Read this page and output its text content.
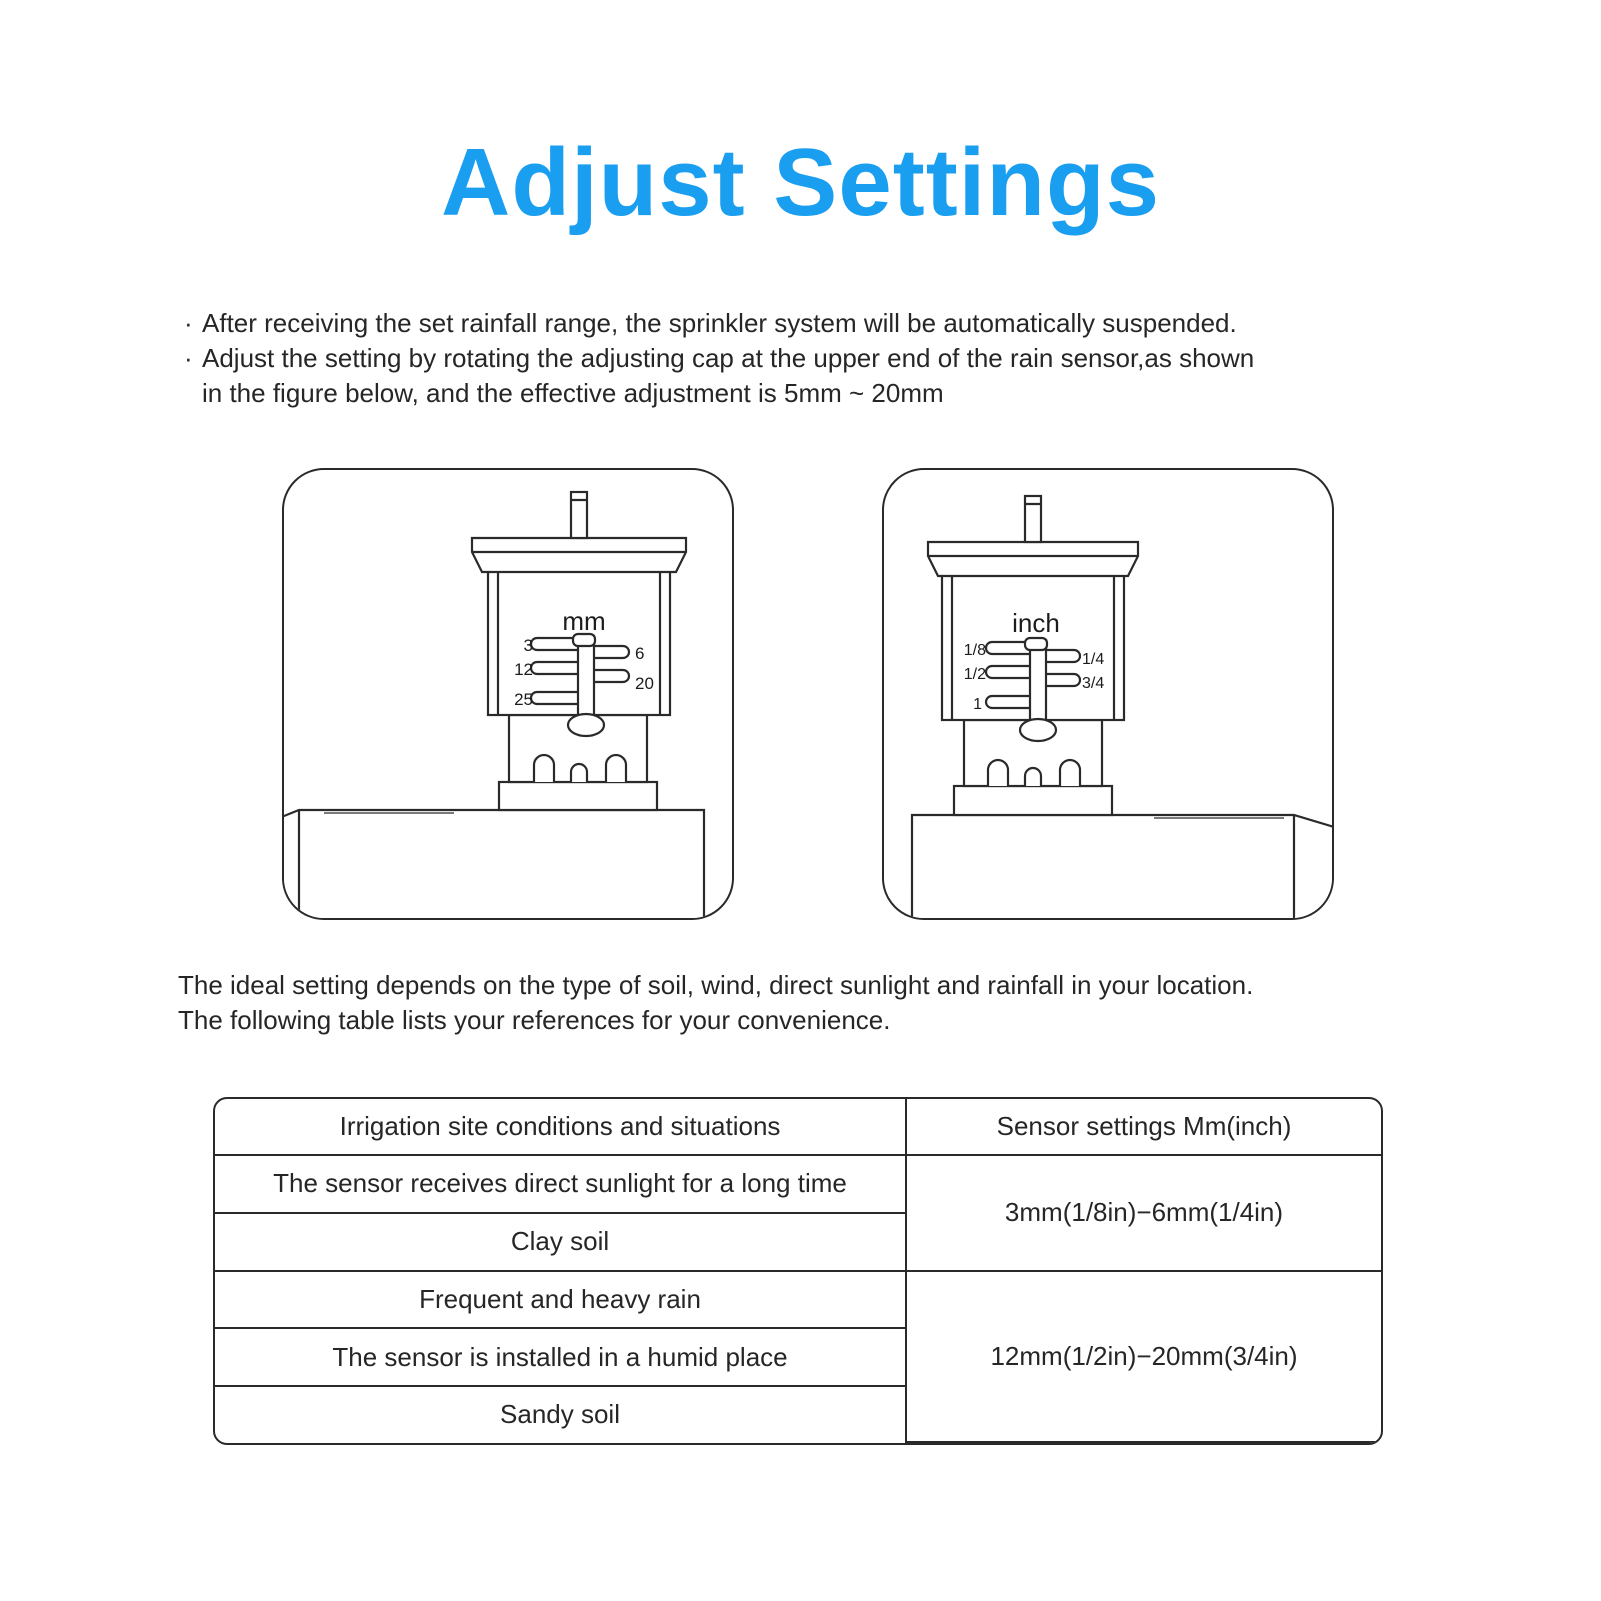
Adjust Settings
· After receiving the set rainfall range, the sprinkler system will be automatically suspended.
· Adjust the setting by rotating the adjusting cap at the upper end of the rain sensor,as shown
in the figure below, and the effective adjustment is 5mm ~ 20mm
mm
3
12
25
6
20
inch
1/8
1/2
1
1/4
3/4
The ideal setting depends on the type of soil, wind, direct sunlight and rainfall in your location.
The following table lists your references for your convenience.
Irrigation site conditions and situations	Sensor settings Mm(inch)
The sensor receives direct sunlight for a long time	3mm(1/8in)−6mm(1/4in)
Clay soil	
Frequent and heavy rain	12mm(1/2in)−20mm(3/4in)
The sensor is installed in a humid place	
Sandy soil	
